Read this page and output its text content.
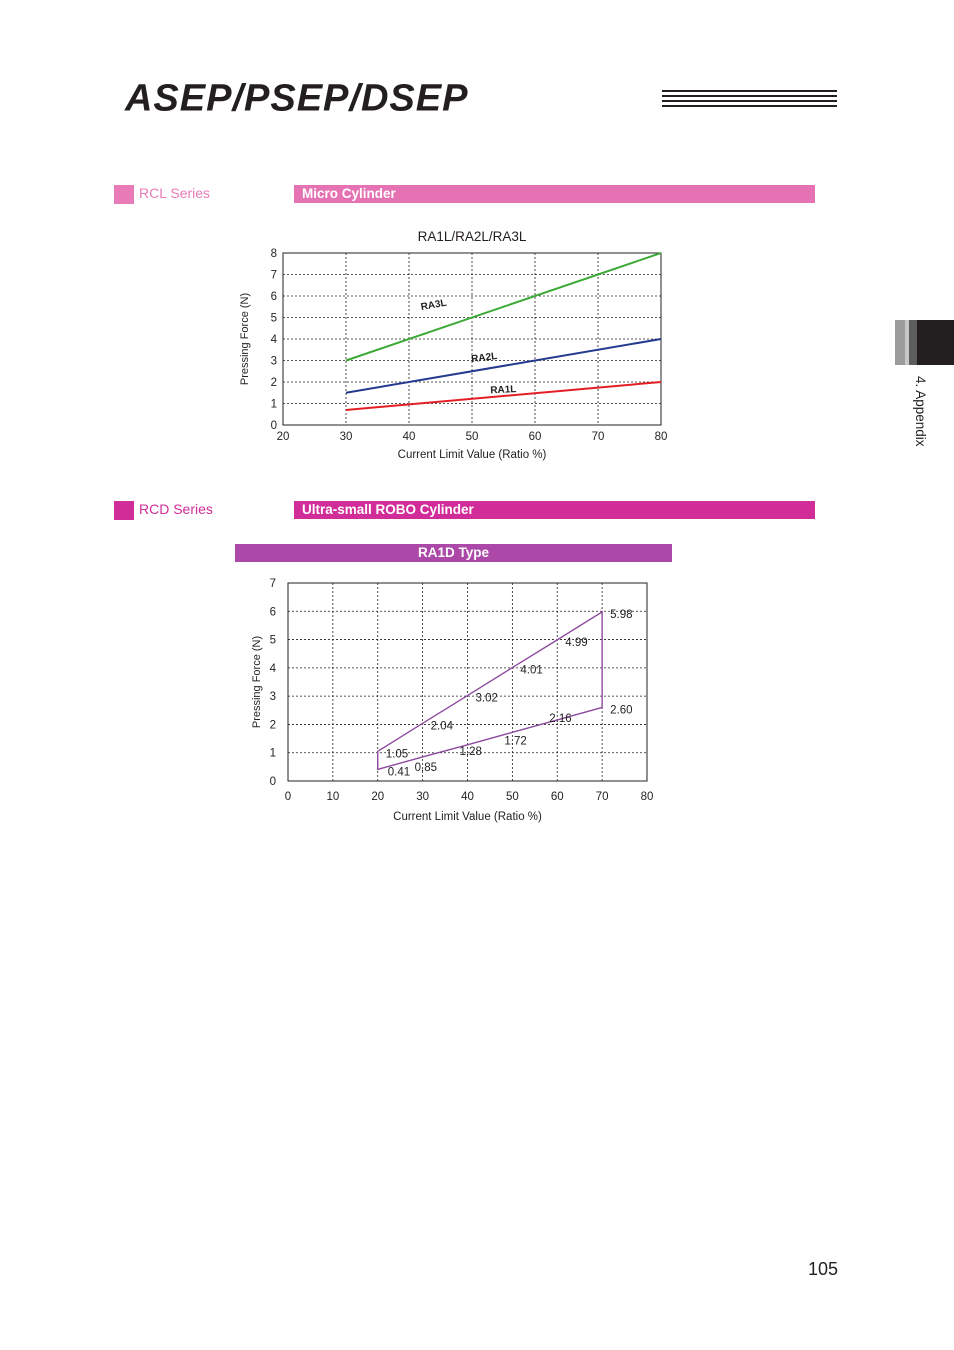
ASEP/PSEP/DSEP
RCL Series	Micro Cylinder
20	30	40	50	60	70	80
0
1
2
3
4
5
6
7
8
Current Limit Value (Ratio %)
Pressing Force (N)
RA1L/RA2L/RA3L
RA3L
RA2L
RA1L
RCD Series	Ultra-small ROBO Cylinder
RA1D Type
0	10	20	30	40	50	60	70	80
0
1
2
3
4
5
6
7
Current Limit Value (Ratio %)
Pressing Force (N)
1.05
2.04
3.02
4.01
4.99
5.98
2.60
2.16
1.72
1.28
0.85
0.41
4. Appendix
105
